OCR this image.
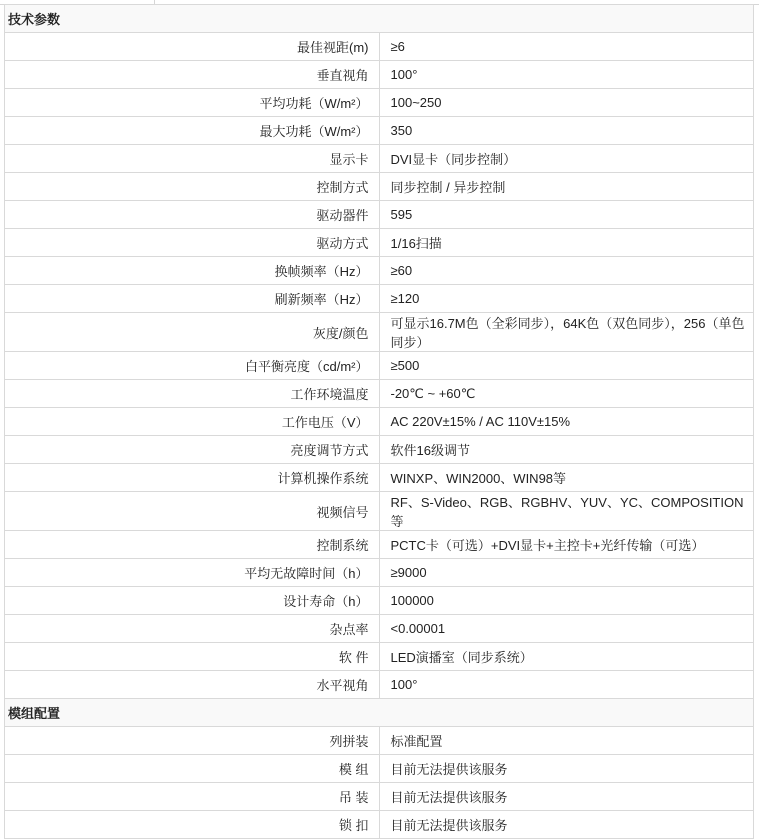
技术参数	
最佳视距(m)	≥6
垂直视角	100°
平均功耗（W/m²）	100~250
最大功耗（W/m²）	350
显示卡	DVI显卡（同步控制）
控制方式	同步控制 / 异步控制
驱动器件	595
驱动方式	1/16扫描
换帧频率（Hz）	≥60
刷新频率（Hz）	≥120
灰度/颜色	可显示16.7M色（全彩同步），64K色（双色同步），256（单色同步）
白平衡亮度（cd/m²）	≥500
工作环境温度	-20℃ ~ +60℃
工作电压（V）	AC 220V±15% / AC 110V±15%
亮度调节方式	软件16级调节
计算机操作系统	WINXP、WIN2000、WIN98等
视频信号	RF、S-Video、RGB、RGBHV、YUV、YC、COMPOSITION等
控制系统	PCTC卡（可选）+DVI显卡+主控卡+光纤传输（可选）
平均无故障时间（h）	≥9000
设计寿命（h）	100000
杂点率	<0.00001
软 件	LED演播室（同步系统）
水平视角	100°
模组配置	
列拼装	标准配置
模 组	目前无法提供该服务
吊 装	目前无法提供该服务
锁 扣	目前无法提供该服务
